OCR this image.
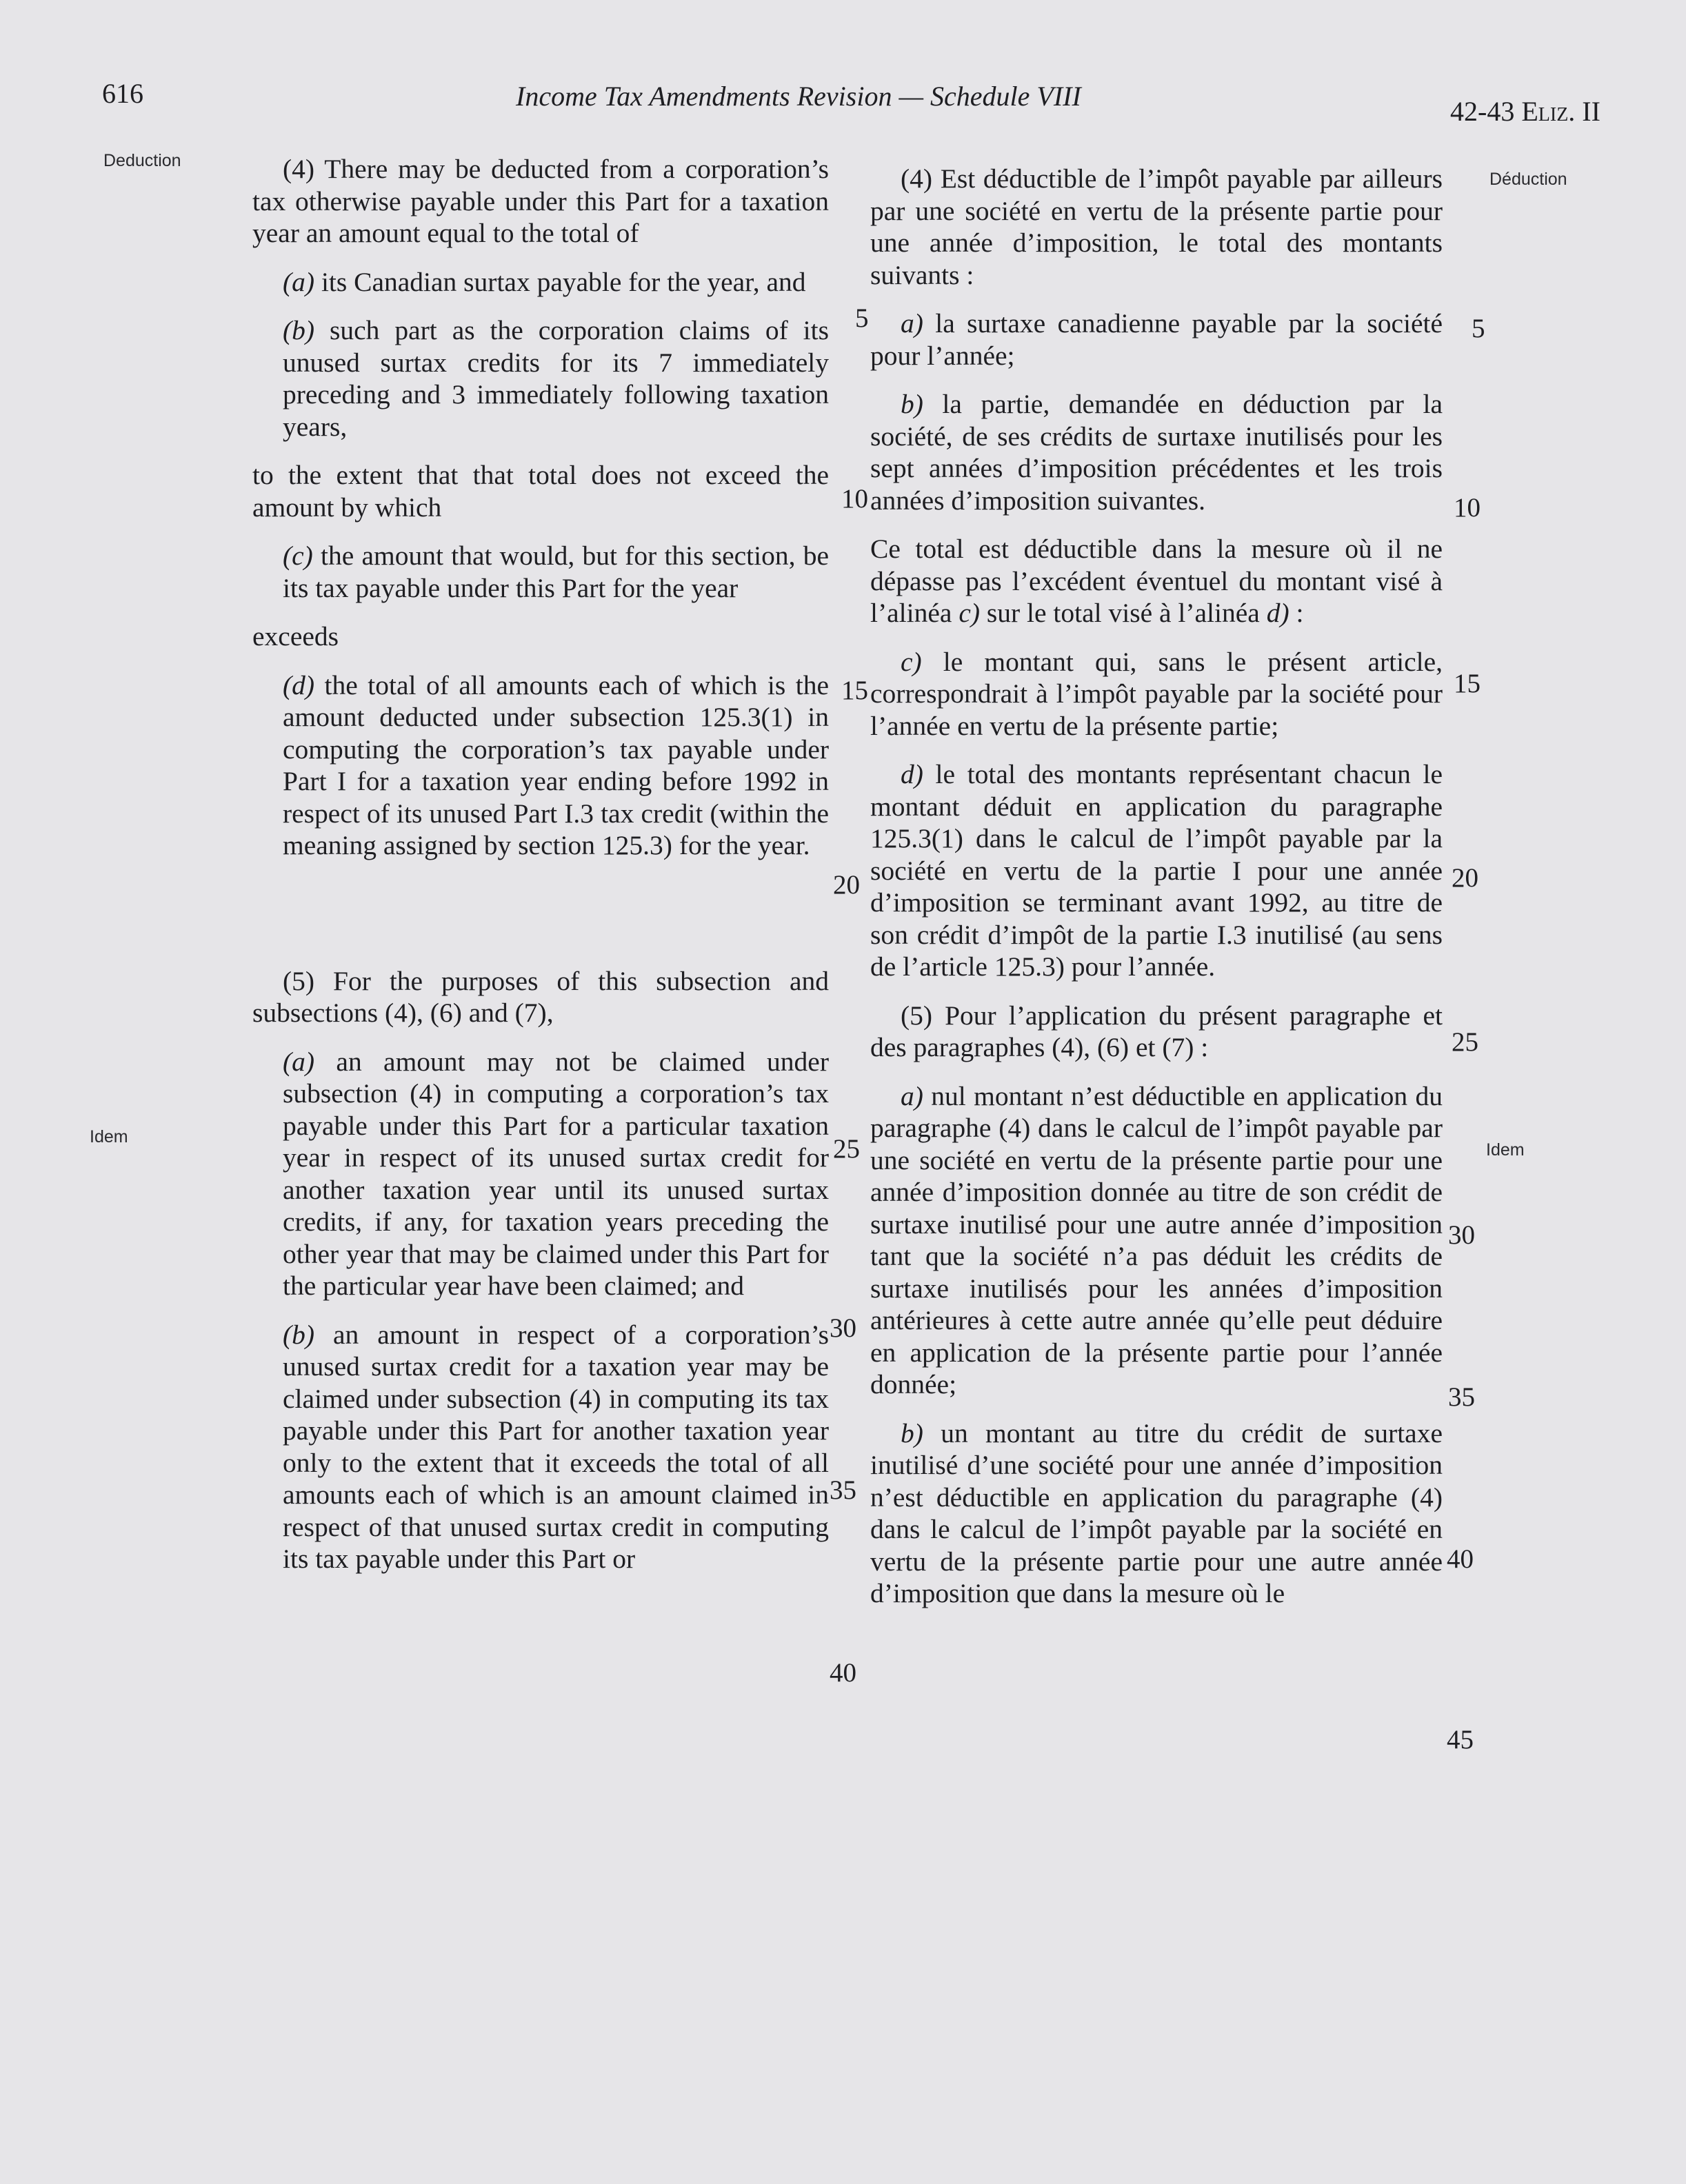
616	Income Tax Amendments Revision — Schedule VIII	42-43 Eliz. II
Deduction
Idem
Déduction
Idem

(4) There may be deducted from a corporation’s tax otherwise payable under this Part for a taxation year an amount equal to the total of

(a) its Canadian surtax payable for the year, and

(b) such part as the corporation claims of its unused surtax credits for its 7 immediately preceding and 3 immediately following taxation years,

to the extent that that total does not exceed the amount by which

(c) the amount that would, but for this section, be its tax payable under this Part for the year

exceeds

(d) the total of all amounts each of which is the amount deducted under subsection 125.3(1) in computing the corporation’s tax payable under Part I for a taxation year ending before 1992 in respect of its unused Part I.3 tax credit (within the meaning assigned by section 125.3) for the year.

(5) For the purposes of this subsection and subsections (4), (6) and (7),

(a) an amount may not be claimed under subsection (4) in computing a corporation’s tax payable under this Part for a particular taxation year in respect of its unused surtax credit for another taxation year until its unused surtax credits, if any, for taxation years preceding the other year that may be claimed under this Part for the particular year have been claimed; and

(b) an amount in respect of a corporation’s unused surtax credit for a taxation year may be claimed under subsection (4) in computing its tax payable under this Part for another taxation year only to the extent that it exceeds the total of all amounts each of which is an amount claimed in respect of that unused surtax credit in computing its tax payable under this Part or

(4) Est déductible de l’impôt payable par ailleurs par une société en vertu de la présente partie pour une année d’imposition, le total des montants suivants :

a) la surtaxe canadienne payable par la société pour l’année;

b) la partie, demandée en déduction par la société, de ses crédits de surtaxe inutilisés pour les sept années d’imposition précédentes et les trois années d’imposition suivantes.

Ce total est déductible dans la mesure où il ne dépasse pas l’excédent éventuel du montant visé à l’alinéa c) sur le total visé à l’alinéa d) :

c) le montant qui, sans le présent article, correspondrait à l’impôt payable par la société pour l’année en vertu de la présente partie;

d) le total des montants représentant chacun le montant déduit en application du paragraphe 125.3(1) dans le calcul de l’impôt payable par la société en vertu de la partie I pour une année d’imposition se terminant avant 1992, au titre de son crédit d’impôt de la partie I.3 inutilisé (au sens de l’article 125.3) pour l’année.

(5) Pour l’application du présent paragraphe et des paragraphes (4), (6) et (7) :

a) nul montant n’est déductible en application du paragraphe (4) dans le calcul de l’impôt payable par une société en vertu de la présente partie pour une année d’imposition donnée au titre de son crédit de surtaxe inutilisé pour une autre année d’imposition tant que la société n’a pas déduit les crédits de surtaxe inutilisés pour les années d’imposition antérieures à cette autre année qu’elle peut déduire en application de la présente partie pour l’année donnée;

b) un montant au titre du crédit de surtaxe inutilisé d’une société pour une année d’imposition n’est déductible en application du paragraphe (4) dans le calcul de l’impôt payable par la société en vertu de la présente partie pour une autre année d’imposition que dans la mesure où le

5
10
15
20
25
30
35
40
5
10
15
20
25
30
35
40
45
